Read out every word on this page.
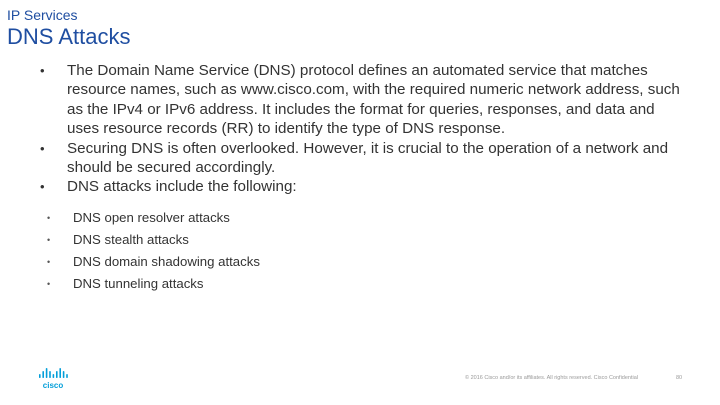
IP Services
DNS Attacks
• The Domain Name Service (DNS) protocol defines an automated service that matches resource names, such as www.cisco.com, with the required numeric network address, such as the IPv4 or IPv6 address. It includes the format for queries, responses, and data and uses resource records (RR) to identify the type of DNS response.
• Securing DNS is often overlooked. However, it is crucial to the operation of a network and should be secured accordingly.
• DNS attacks include the following:
• DNS open resolver attacks
• DNS stealth attacks
• DNS domain shadowing attacks
• DNS tunneling attacks
cisco
© 2016 Cisco and/or its affiliates. All rights reserved. Cisco Confidential	80
